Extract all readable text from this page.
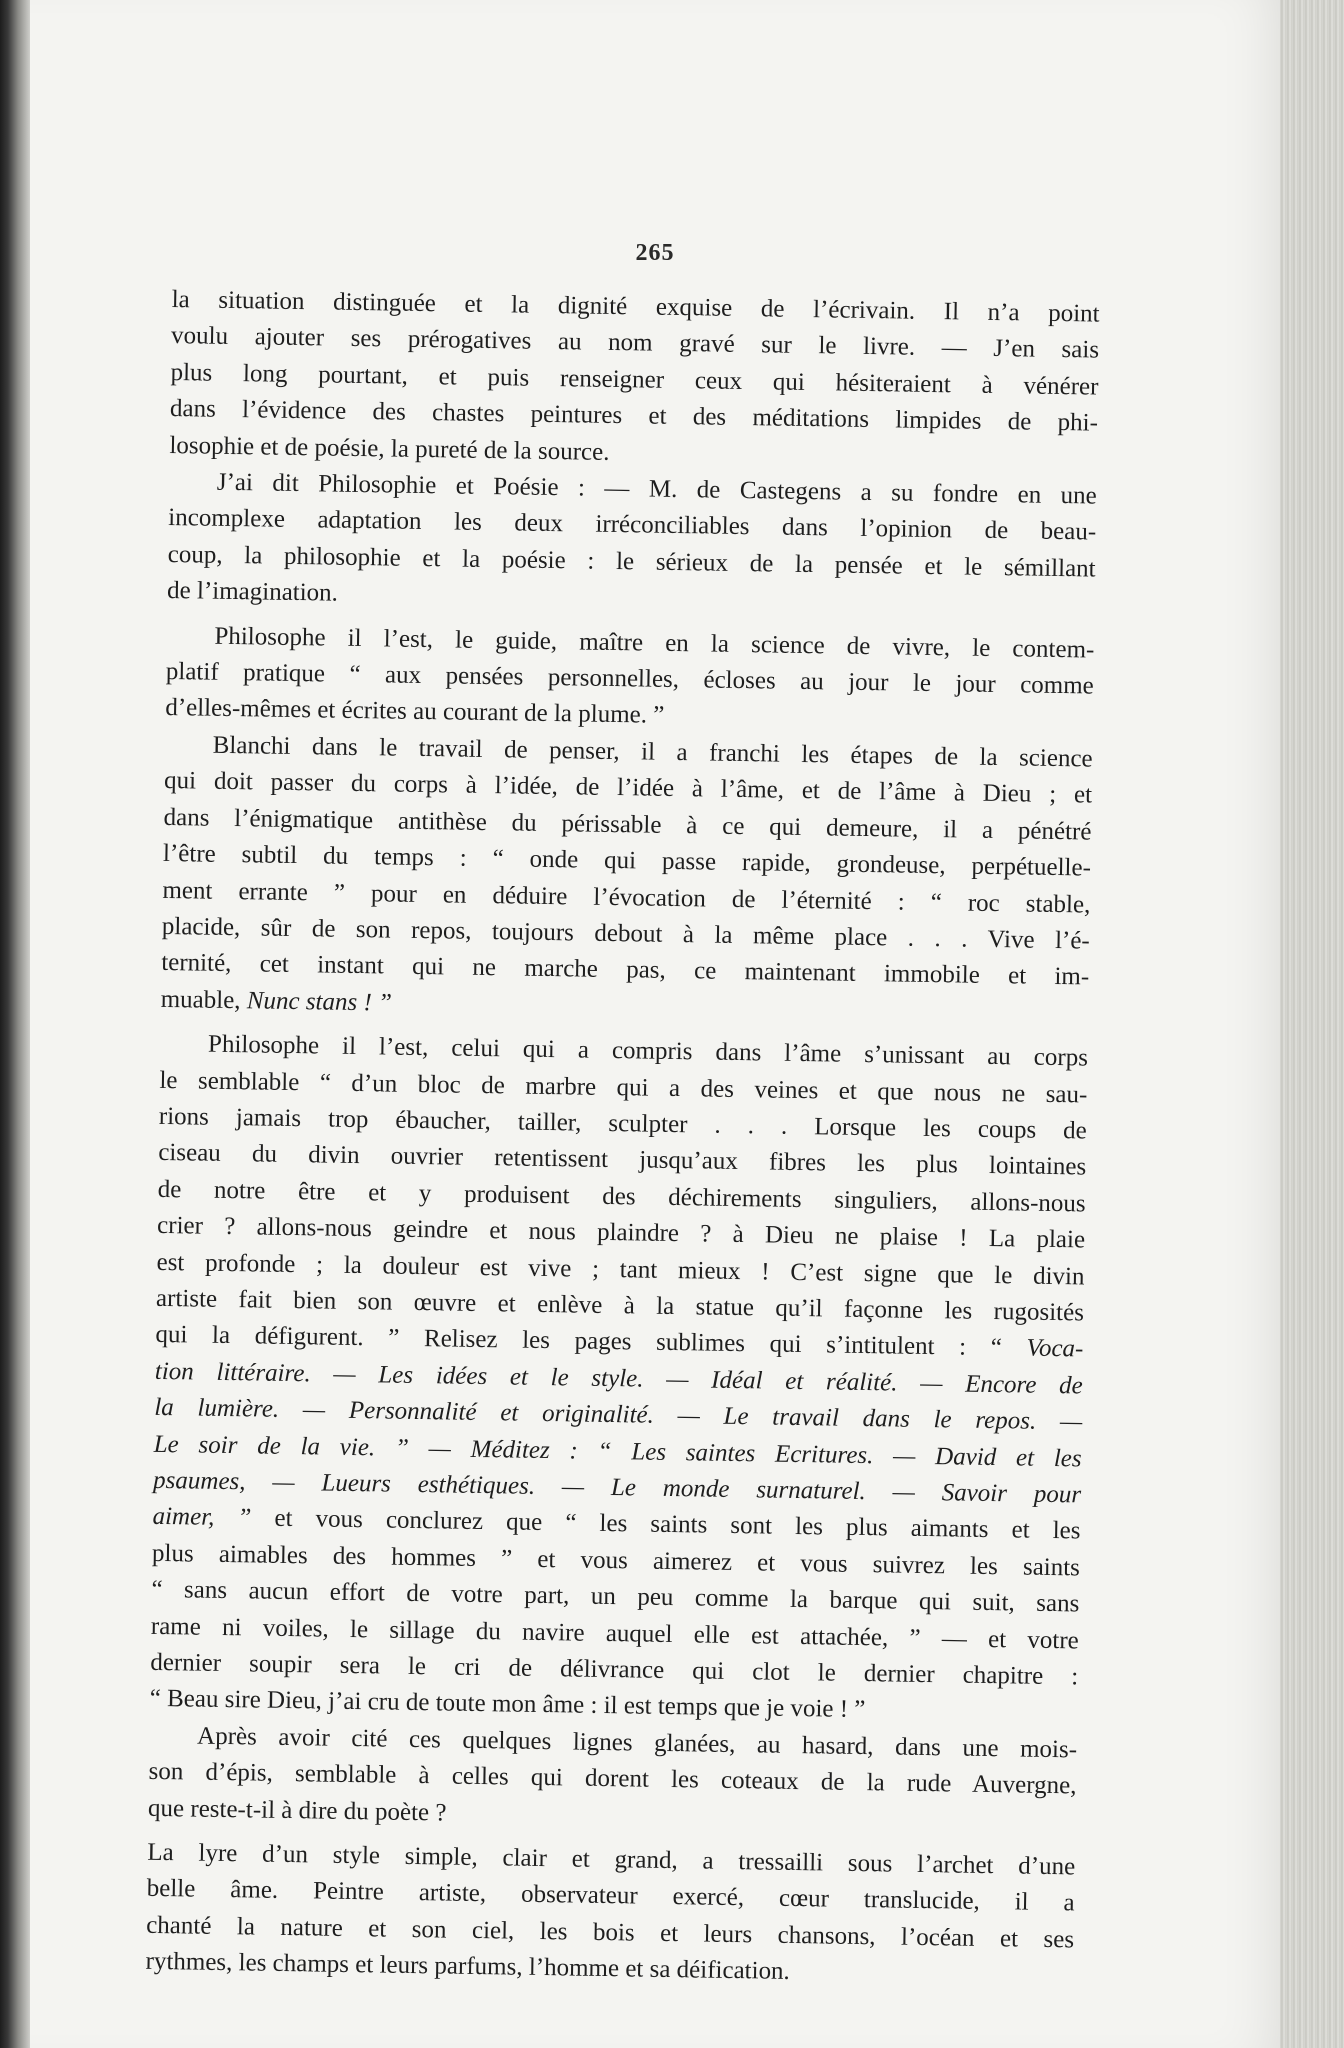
265
la situation distinguée et la dignité exquise de l’écrivain. Il n’a point
voulu ajouter ses prérogatives au nom gravé sur le livre. — J’en sais
plus long pourtant, et puis renseigner ceux qui hésiteraient à vénérer
dans l’évidence des chastes peintures et des méditations limpides de phi-
losophie et de poésie, la pureté de la source.
J’ai dit Philosophie et Poésie : — M. de Castegens a su fondre en une
incomplexe adaptation les deux irréconciliables dans l’opinion de beau-
coup, la philosophie et la poésie : le sérieux de la pensée et le sémillant
de l’imagination.
Philosophe il l’est, le guide, maître en la science de vivre, le contem-
platif pratique “ aux pensées personnelles, écloses au jour le jour comme
d’elles-mêmes et écrites au courant de la plume. ”
Blanchi dans le travail de penser, il a franchi les étapes de la science
qui doit passer du corps à l’idée, de l’idée à l’âme, et de l’âme à Dieu ; et
dans l’énigmatique antithèse du périssable à ce qui demeure, il a pénétré
l’être subtil du temps : “ onde qui passe rapide, grondeuse, perpétuelle-
ment errante ” pour en déduire l’évocation de l’éternité : “ roc stable,
placide, sûr de son repos, toujours debout à la même place . . . Vive l’é-
ternité, cet instant qui ne marche pas, ce maintenant immobile et im-
muable, Nunc stans ! ”
Philosophe il l’est, celui qui a compris dans l’âme s’unissant au corps
le semblable “ d’un bloc de marbre qui a des veines et que nous ne sau-
rions jamais trop ébaucher, tailler, sculpter . . . Lorsque les coups de
ciseau du divin ouvrier retentissent jusqu’aux fibres les plus lointaines
de notre être et y produisent des déchirements singuliers, allons-nous
crier ? allons-nous geindre et nous plaindre ? à Dieu ne plaise ! La plaie
est profonde ; la douleur est vive ; tant mieux ! C’est signe que le divin
artiste fait bien son œuvre et enlève à la statue qu’il façonne les rugosités
qui la défigurent. ” Relisez les pages sublimes qui s’intitulent : “ Voca-
tion littéraire. — Les idées et le style. — Idéal et réalité. — Encore de
la lumière. — Personnalité et originalité. — Le travail dans le repos. —
Le soir de la vie. ” — Méditez : “ Les saintes Ecritures. — David et les
psaumes, — Lueurs esthétiques. — Le monde surnaturel. — Savoir pour
aimer, ” et vous conclurez que “ les saints sont les plus aimants et les
plus aimables des hommes ” et vous aimerez et vous suivrez les saints
“ sans aucun effort de votre part, un peu comme la barque qui suit, sans
rame ni voiles, le sillage du navire auquel elle est attachée, ” — et votre
dernier soupir sera le cri de délivrance qui clot le dernier chapitre :
“ Beau sire Dieu, j’ai cru de toute mon âme : il est temps que je voie ! ”
Après avoir cité ces quelques lignes glanées, au hasard, dans une mois-
son d’épis, semblable à celles qui dorent les coteaux de la rude Auvergne,
que reste-t-il à dire du poète ?
La lyre d’un style simple, clair et grand, a tressailli sous l’archet d’une
belle âme. Peintre artiste, observateur exercé, cœur translucide, il a
chanté la nature et son ciel, les bois et leurs chansons, l’océan et ses
rythmes, les champs et leurs parfums, l’homme et sa déification.
